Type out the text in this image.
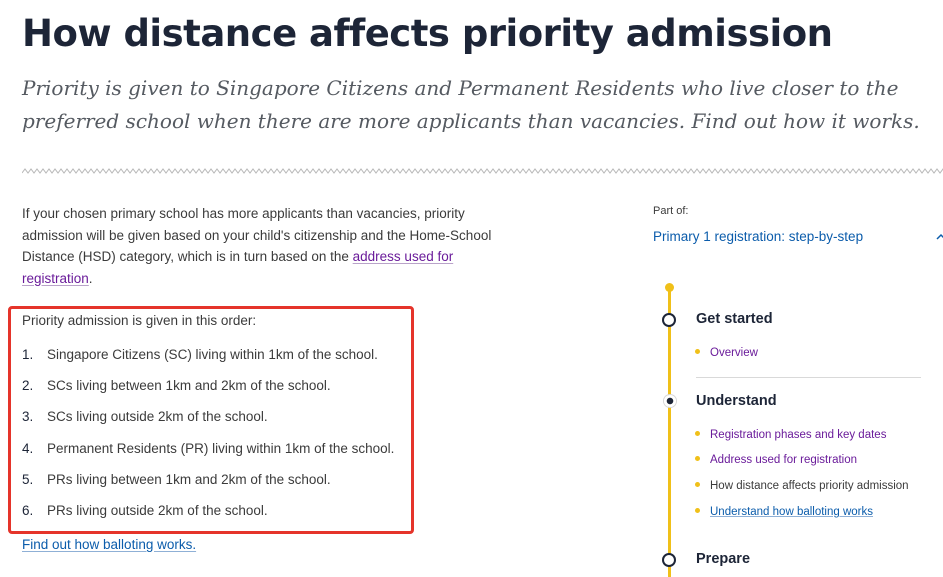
How distance affects priority admission

Priority is given to Singapore Citizens and Permanent Residents who live closer to the preferred school when there are more applicants than vacancies. Find out how it works.

If your chosen primary school has more applicants than vacancies, priority admission will be given based on your child's citizenship and the Home-School Distance (HSD) category, which is in turn based on the address used for registration.

Priority admission is given in this order:
1. Singapore Citizens (SC) living within 1km of the school.
2. SCs living between 1km and 2km of the school.
3. SCs living outside 2km of the school.
4. Permanent Residents (PR) living within 1km of the school.
5. PRs living between 1km and 2km of the school.
6. PRs living outside 2km of the school.
Find out how balloting works.
Part of:
Primary 1 registration: step-by-step
Get started
Overview
Understand
Registration phases and key dates
Address used for registration
How distance affects priority admission
Understand how balloting works
Prepare
